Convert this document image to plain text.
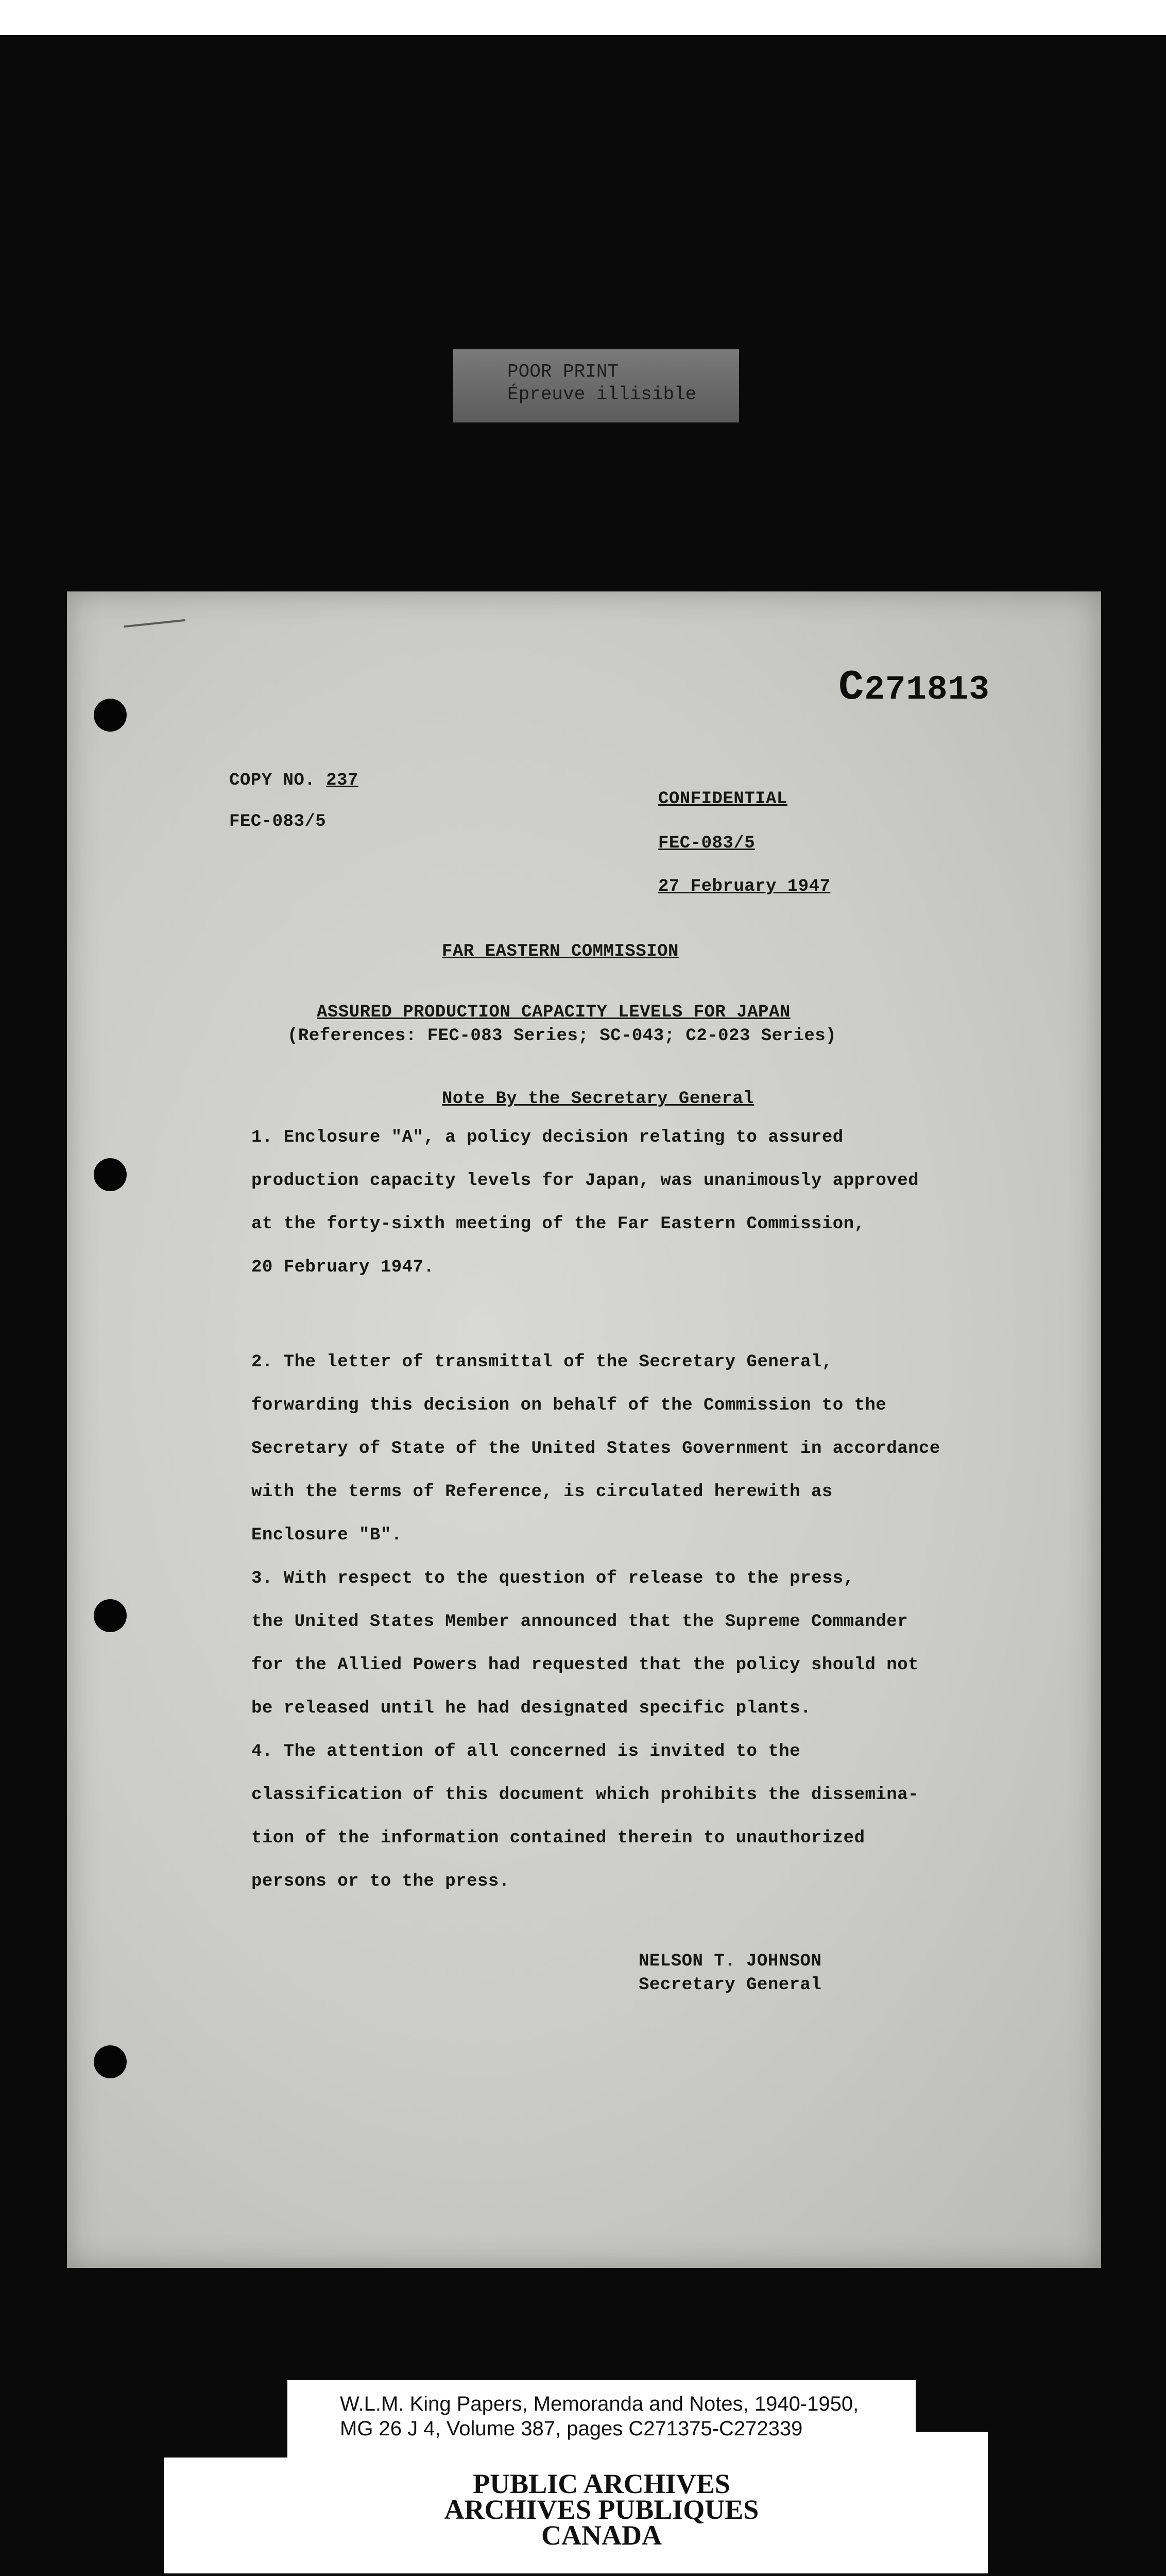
POOR PRINT
Épreuve illisible
C271813
COPY NO. 237
FEC-083/5
CONFIDENTIAL
FEC-083/5
27 February 1947
FAR EASTERN COMMISSION
ASSURED PRODUCTION CAPACITY LEVELS FOR JAPAN
(References: FEC-083 Series; SC-043; C2-023 Series)
Note By the Secretary General
1. Enclosure "A", a policy decision relating to assured
production capacity levels for Japan, was unanimously approved
at the forty-sixth meeting of the Far Eastern Commission,
20 February 1947.
2. The letter of transmittal of the Secretary General,
forwarding this decision on behalf of the Commission to the
Secretary of State of the United States Government in accordance
with the terms of Reference, is circulated herewith as
Enclosure "B".
3. With respect to the question of release to the press,
the United States Member announced that the Supreme Commander
for the Allied Powers had requested that the policy should not
be released until he had designated specific plants.
4. The attention of all concerned is invited to the
classification of this document which prohibits the dissemina-
tion of the information contained therein to unauthorized
persons or to the press.
NELSON T. JOHNSON
Secretary General
W.L.M. King Papers, Memoranda and Notes, 1940-1950,
MG 26 J 4, Volume 387, pages C271375-C272339
PUBLIC ARCHIVES
ARCHIVES PUBLIQUES
CANADA
